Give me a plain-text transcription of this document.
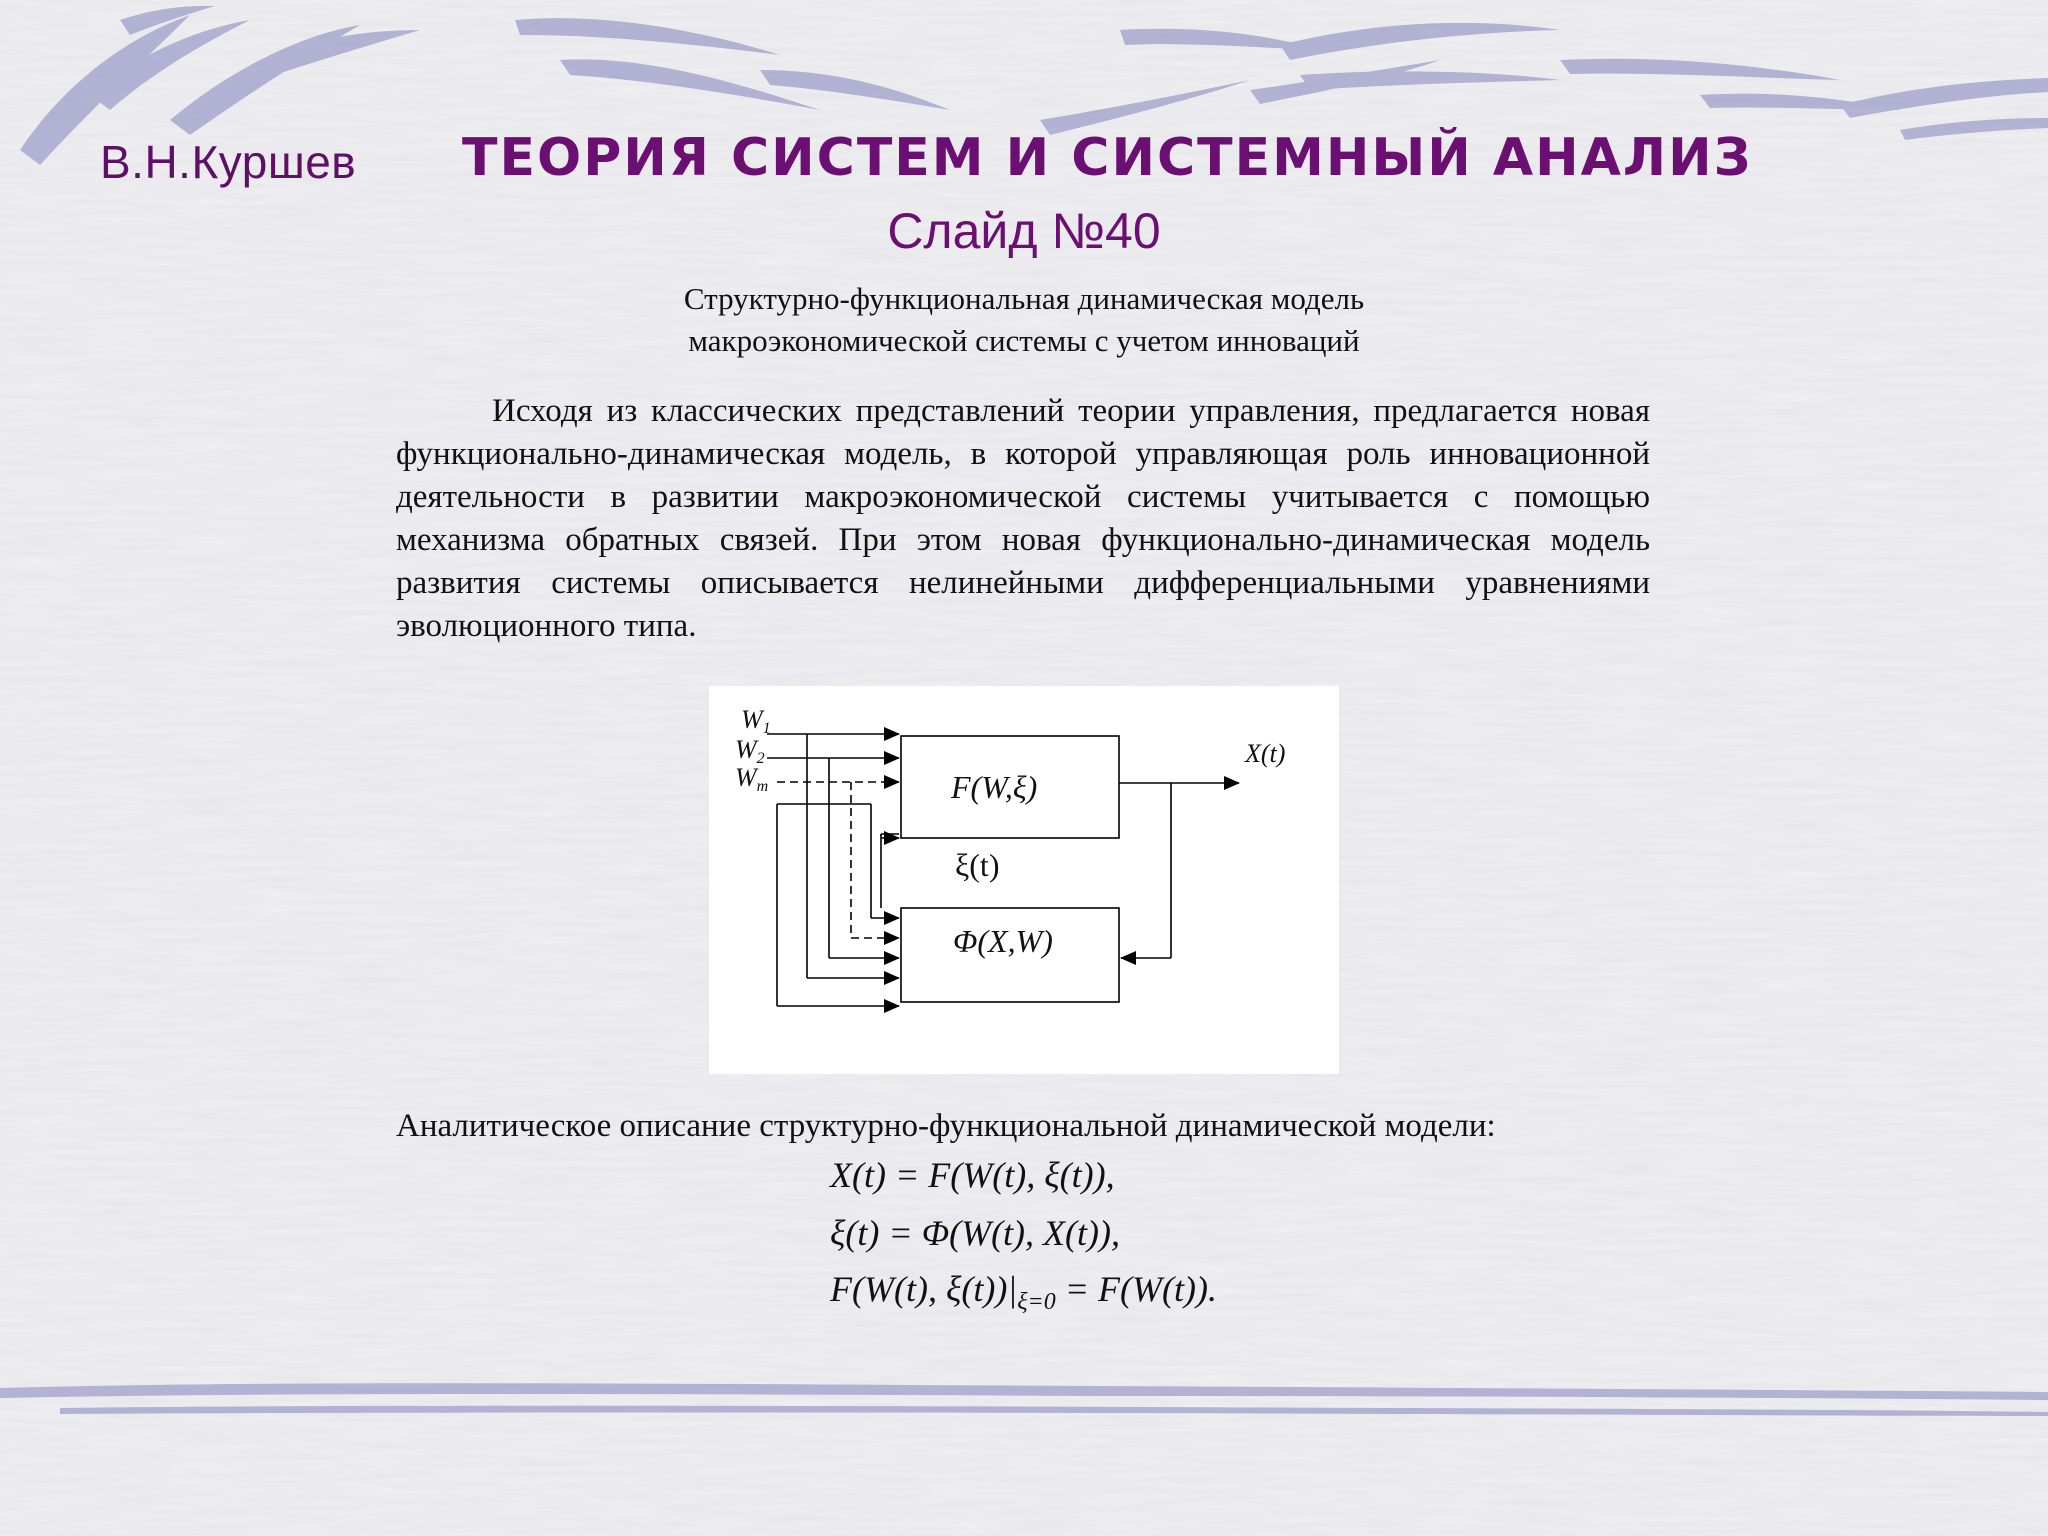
В.Н.Куршев ТЕОРИЯ СИСТЕМ И СИСТЕМНЫЙ АНАЛИЗ
Слайд №40
Структурно-функциональная динамическая модель
макроэкономической системы с учетом инноваций

Исходя из классических представлений теории управления, предлагается новая функционально-динамическая модель, в которой управляющая роль инновационной деятельности в развитии макроэкономической системы учитывается с помощью механизма обратных связей. При этом новая функционально-динамическая модель развития системы описывается нелинейными дифференциальными уравнениями эволюционного типа.

W1
W2
Wm	F(W,ξ)
Φ(X,W)
ξ(t)
X(t)
Аналитическое описание структурно-функциональной динамической модели:
X(t) = F(W(t), ξ(t)),
ξ(t) = Φ(W(t), X(t)),
F(W(t), $\xi(t))|_{\xi=0} = F(W(t))$.
